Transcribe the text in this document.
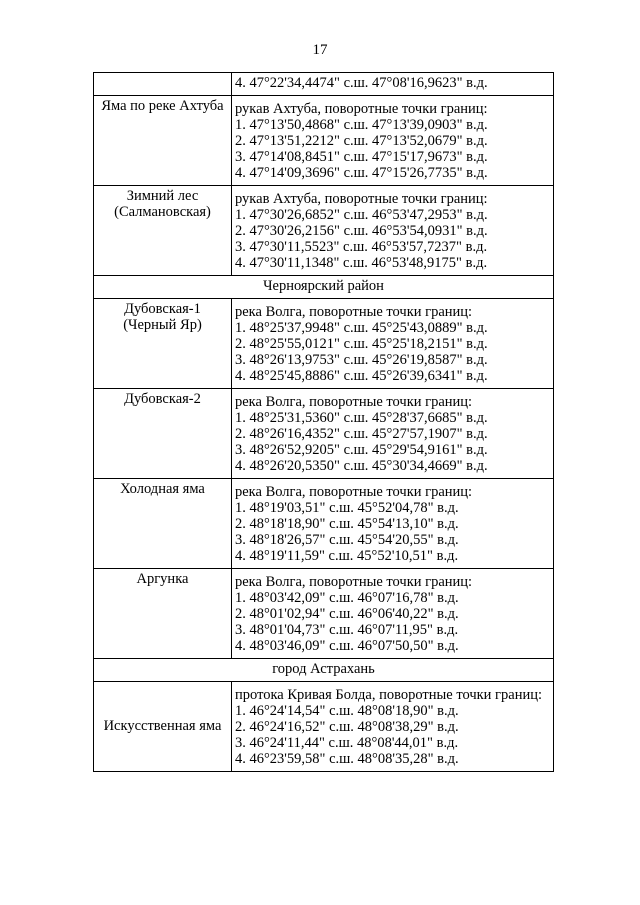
17

	4. 47°22'34,4474" с.ш. 47°08'16,9623" в.д.

Яма по реке Ахтуба	рукав Ахтуба, поворотные точки границ:
1. 47°13'50,4868" с.ш. 47°13'39,0903" в.д.
2. 47°13'51,2212" с.ш. 47°13'52,0679" в.д.
3. 47°14'08,8451" с.ш. 47°15'17,9673" в.д.
4. 47°14'09,3696" с.ш. 47°15'26,7735" в.д.

Зимний лес
(Салмановская)	рукав Ахтуба, поворотные точки границ:
1. 47°30'26,6852" с.ш. 46°53'47,2953" в.д.
2. 47°30'26,2156" с.ш. 46°53'54,0931" в.д.
3. 47°30'11,5523" с.ш. 46°53'57,7237" в.д.
4. 47°30'11,1348" с.ш. 46°53'48,9175" в.д.

Черноярский район	

Дубовская-1
(Черный Яр)	река Волга, поворотные точки границ:
1. 48°25'37,9948" с.ш. 45°25'43,0889" в.д.
2. 48°25'55,0121" с.ш. 45°25'18,2151" в.д.
3. 48°26'13,9753" с.ш. 45°26'19,8587" в.д.
4. 48°25'45,8886" с.ш. 45°26'39,6341" в.д.

Дубовская-2	река Волга, поворотные точки границ:
1. 48°25'31,5360" с.ш. 45°28'37,6685" в.д.
2. 48°26'16,4352" с.ш. 45°27'57,1907" в.д.
3. 48°26'52,9205" с.ш. 45°29'54,9161" в.д.
4. 48°26'20,5350" с.ш. 45°30'34,4669" в.д.

Холодная яма	река Волга, поворотные точки границ:
1. 48°19'03,51" с.ш. 45°52'04,78" в.д.
2. 48°18'18,90" с.ш. 45°54'13,10" в.д.
3. 48°18'26,57" с.ш. 45°54'20,55" в.д.
4. 48°19'11,59" с.ш. 45°52'10,51" в.д.

Аргунка	река Волга, поворотные точки границ:
1. 48°03'42,09" с.ш. 46°07'16,78" в.д.
2. 48°01'02,94" с.ш. 46°06'40,22" в.д.
3. 48°01'04,73" с.ш. 46°07'11,95" в.д.
4. 48°03'46,09" с.ш. 46°07'50,50" в.д.

город Астрахань	

Искусственная яма	протока Кривая Болда, поворотные точки границ:
1. 46°24'14,54" с.ш. 48°08'18,90" в.д.
2. 46°24'16,52" с.ш. 48°08'38,29" в.д.
3. 46°24'11,44" с.ш. 48°08'44,01" в.д.
4. 46°23'59,58" с.ш. 48°08'35,28" в.д.
